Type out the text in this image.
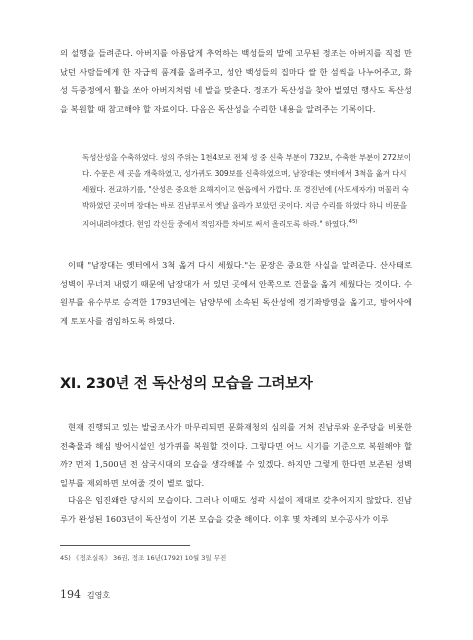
의 설행을 들려준다. 아버지를 아름답게 추억하는 백성들의 말에 고무된 정조는 아버지를 직접 만났던 사람들에게 한 자급씩 품계를 올려주고, 성안 백성들의 집마다 쌀 한 섬씩을 나누어주고, 화성 득중정에서 활을 쏘아 아버지처럼 네 발을 맞춘다. 정조가 독산성을 찾아 벌였던 행사도 독산성을 복원할 때 참고해야 할 자료이다. 다음은 독산성을 수리한 내용을 알려주는 기록이다.
독성산성을 수축하였다. 성의 주위는 1천4보로 전체 성 중 신축 부분이 732보, 수축한 부분이 272보이다. 수문은 세 곳을 개축하였고, 성가퀴도 309보를 신축하였으며, 남장대는 옛터에서 3척을 옮겨 다시 세웠다. 전교하기를, "산성은 중요한 요해지이고 현읍에서 가깝다. 또 경진년에 (사도세자가) 머물러 숙박하였던 곳이며 장대는 바로 진남루로서 옛날 올라가 보았던 곳이다. 지금 수리를 하였다 하니 비문을 지어내려야겠다. 현임 각신들 중에서 적임자를 차비로 써서 올리도록 하라." 하였다.$^{45)}$
이때 "남장대는 옛터에서 3척 옮겨 다시 세웠다."는 문장은 중요한 사실을 알려준다. 산사태로 성벽이 무너져 내렸기 때문에 남장대가 서 있던 곳에서 안쪽으로 건물을 옮겨 세웠다는 것이다. 수원부를 유수부로 승격한 1793년에는 남양부에 소속된 독산성에 경기좌방영을 옮기고, 방어사에게 토포사를 겸임하도록 하였다.
XI. 230년 전 독산성의 모습을 그려보자
현재 진행되고 있는 발굴조사가 마무리되면 문화재청의 심의를 거쳐 진남루와 운주당을 비롯한 전축물과 해심 방어시설인 성가퀴를 복원할 것이다. 그렇다면 어느 시기를 기준으로 복원해야 할까? 먼저 1,500년 전 삼국시대의 모습을 생각해볼 수 있겠다. 하지만 그렇게 한다면 보존된 성벽 일부를 제외하면 보여줄 것이 별로 없다.
다음은 임진왜란 당시의 모습이다. 그러나 이때도 성곽 시설이 제대로 갖추어지지 않았다. 진남루가 완성된 1603년이 독산성이 기본 모습을 갖춘 해이다. 이후 몇 차례의 보수공사가 이루
45) 《정조실록》 36권, 정조 16년(1792) 10월 3일 무진
194 김영호
